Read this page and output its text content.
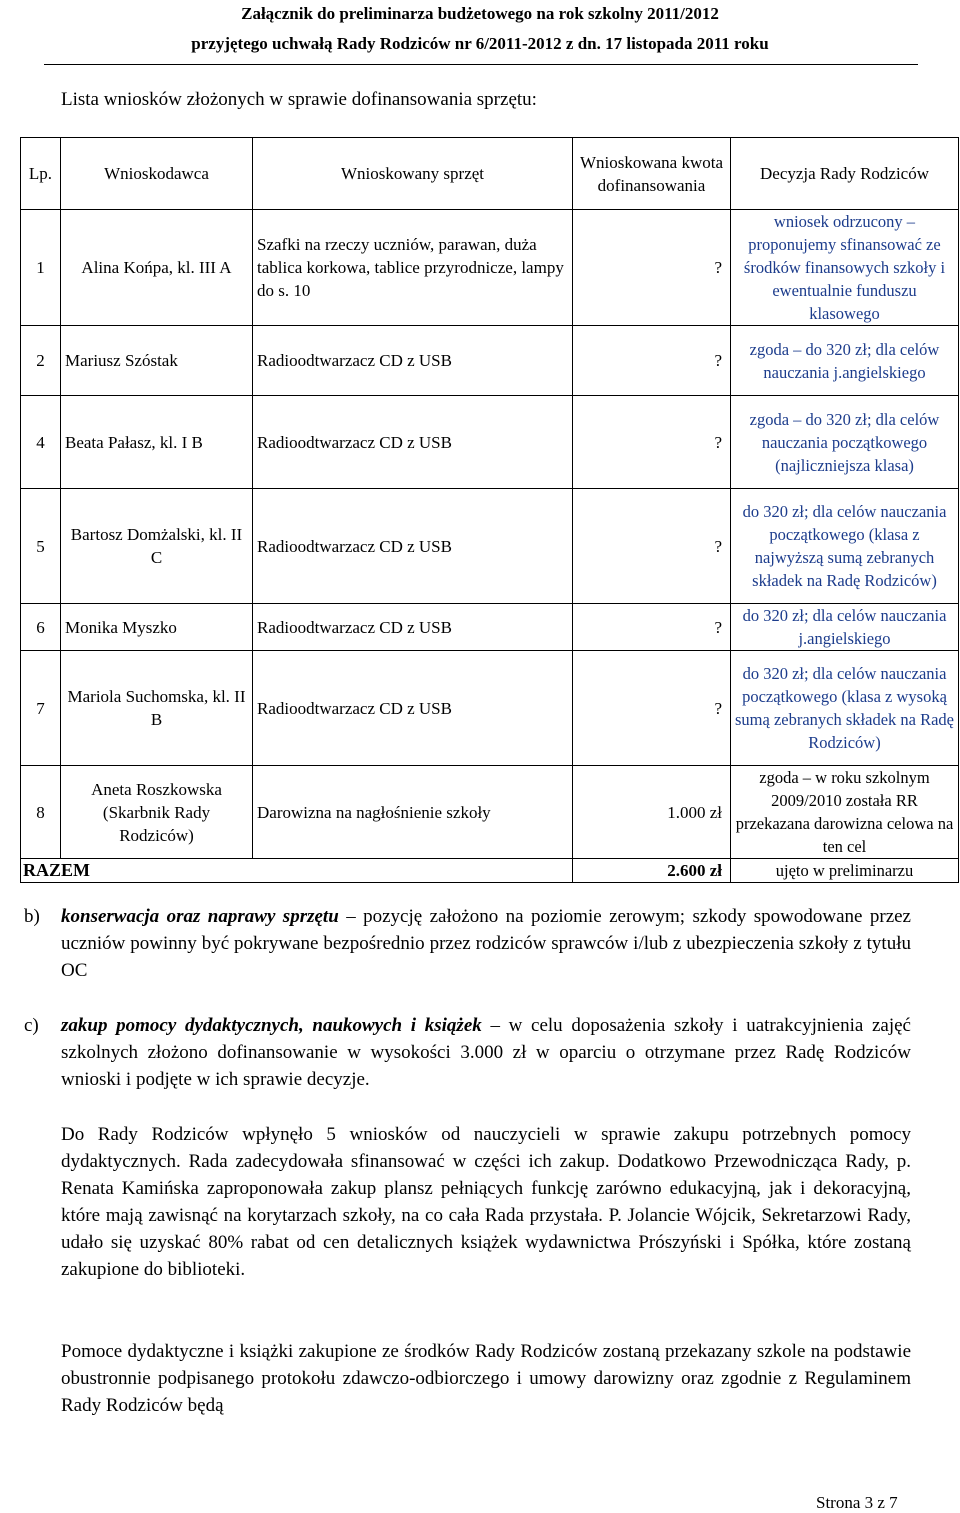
Załącznik do preliminarza budżetowego na rok szkolny 2011/2012
przyjętego uchwałą Rady Rodziców nr 6/2011-2012 z dn. 17 listopada 2011 roku
Lista wniosków złożonych w sprawie dofinansowania sprzętu:
Lp.	Wnioskodawca	Wnioskowany sprzęt	Wnioskowana kwota dofinansowania	Decyzja Rady Rodziców
1	Alina Końpa, kl. III A	Szafki na rzeczy uczniów, parawan, duża tablica korkowa, tablice przyrodnicze, lampy do s. 10	?	wniosek odrzucony – proponujemy sfinansować ze środków finansowych szkoły i ewentualnie funduszu klasowego
2	Mariusz Szóstak	Radioodtwarzacz CD z USB	?	zgoda – do 320 zł; dla celów nauczania j.angielskiego
4	Beata Pałasz, kl. I B	Radioodtwarzacz CD z USB	?	zgoda – do 320 zł; dla celów nauczania początkowego (najliczniejsza klasa)
5	Bartosz Domżalski, kl. II C	Radioodtwarzacz CD z USB	?	do 320 zł; dla celów nauczania początkowego (klasa z najwyższą sumą zebranych składek na Radę Rodziców)
6	Monika Myszko	Radioodtwarzacz CD z USB	?	do 320 zł; dla celów nauczania j.angielskiego
7	Mariola Suchomska, kl. II B	Radioodtwarzacz CD z USB	?	do 320 zł; dla celów nauczania początkowego (klasa z wysoką sumą zebranych składek na Radę Rodziców)
8	Aneta Roszkowska (Skarbnik Rady Rodziców)	Darowizna na nagłośnienie szkoły	1.000 zł	zgoda – w roku szkolnym 2009/2010 została RR przekazana darowizna celowa na ten cel
RAZEM			2.600 zł	ujęto w preliminarzu
b) konserwacja oraz naprawy sprzętu – pozycję założono na poziomie zerowym; szkody spowodowane przez uczniów powinny być pokrywane bezpośrednio przez rodziców sprawców i/lub z ubezpieczenia szkoły z tytułu OC
c) zakup pomocy dydaktycznych, naukowych i książek – w celu doposażenia szkoły i uatrakcyjnienia zajęć szkolnych złożono dofinansowanie w wysokości 3.000 zł w oparciu o otrzymane przez Radę Rodziców wnioski i podjęte w ich sprawie decyzje.
Do Rady Rodziców wpłynęło 5 wniosków od nauczycieli w sprawie zakupu potrzebnych pomocy dydaktycznych. Rada zadecydowała sfinansować w części ich zakup. Dodatkowo Przewodnicząca Rady, p. Renata Kamińska zaproponowała zakup plansz pełniących funkcję zarówno edukacyjną, jak i dekoracyjną, które mają zawisnąć na korytarzach szkoły, na co cała Rada przystała. P. Jolancie Wójcik, Sekretarzowi Rady, udało się uzyskać 80% rabat od cen detalicznych książek wydawnictwa Prószyński i Spółka, które zostaną zakupione do biblioteki.
Pomoce dydaktyczne i książki zakupione ze środków Rady Rodziców zostaną przekazany szkole na podstawie obustronnie podpisanego protokołu zdawczo-odbiorczego i umowy darowizny oraz zgodnie z Regulaminem Rady Rodziców będą
Strona 3 z 7
